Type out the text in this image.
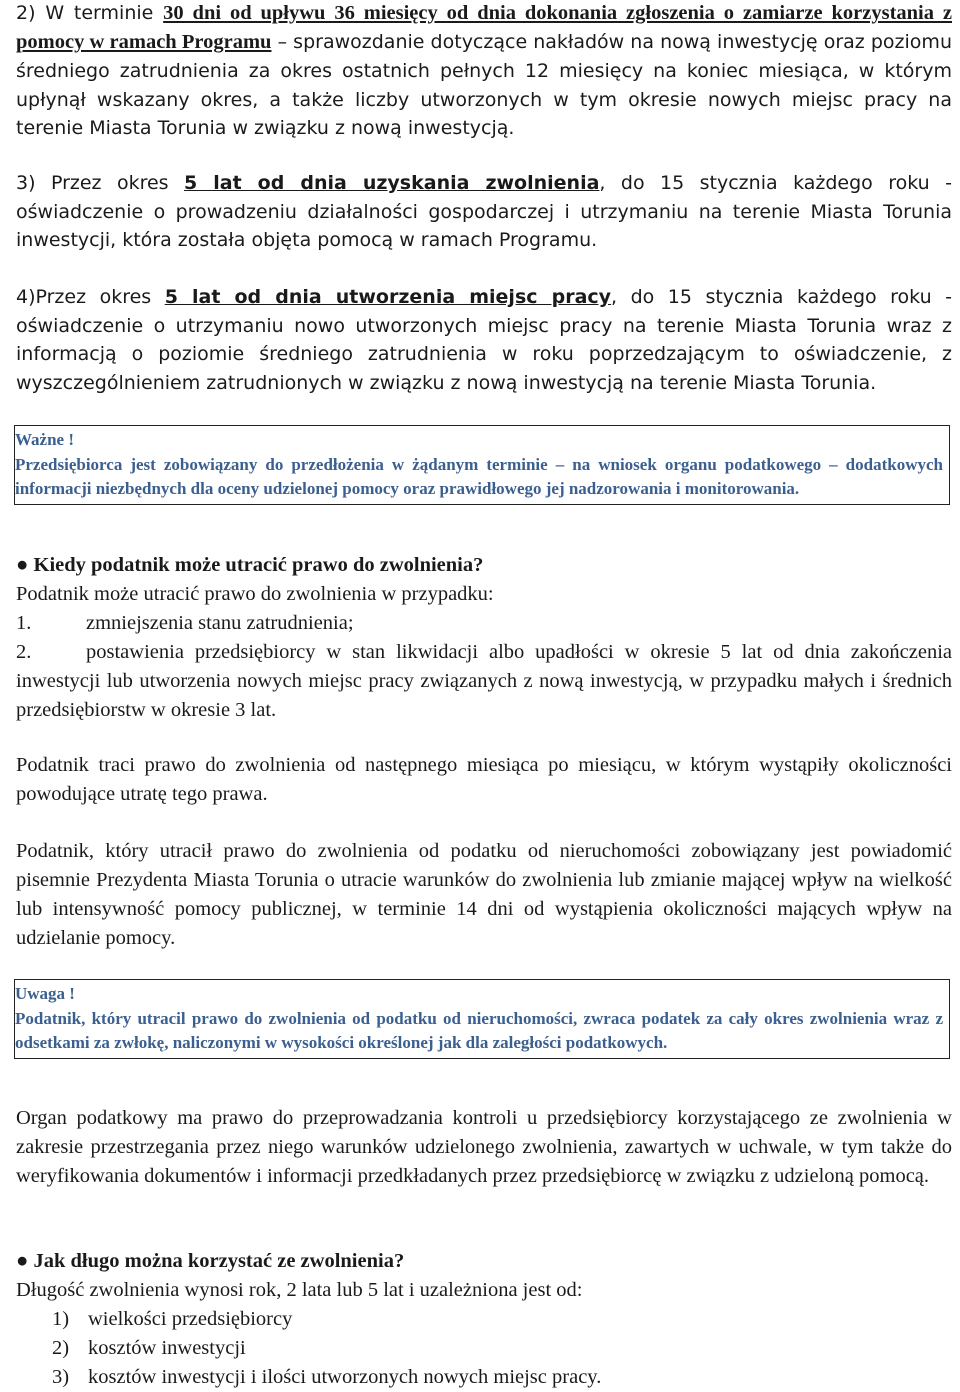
2) W terminie 30 dni od upływu 36 miesięcy od dnia dokonania zgłoszenia o zamiarze korzystania z pomocy w ramach Programu – sprawozdanie dotyczące nakładów na nową inwestycję oraz poziomu średniego zatrudnienia za okres ostatnich pełnych 12 miesięcy na koniec miesiąca, w którym upłynął wskazany okres, a także liczby utworzonych w tym okresie nowych miejsc pracy na terenie Miasta Torunia w związku z nową inwestycją.

3) Przez okres 5 lat od dnia uzyskania zwolnienia, do 15 stycznia każdego roku - oświadczenie o prowadzeniu działalności gospodarczej i utrzymaniu na terenie Miasta Torunia inwestycji, która została objęta pomocą w ramach Programu.

4)Przez okres 5 lat od dnia utworzenia miejsc pracy, do 15 stycznia każdego roku - oświadczenie o utrzymaniu nowo utworzonych miejsc pracy na terenie Miasta Torunia wraz z informacją o poziomie średniego zatrudnienia w roku poprzedzającym to oświadczenie, z wyszczególnieniem zatrudnionych w związku z nową inwestycją na terenie Miasta Torunia.

Ważne !
Przedsiębiorca jest zobowiązany do przedłożenia w żądanym terminie – na wniosek organu podatkowego – dodatkowych informacji niezbędnych dla oceny udzielonej pomocy oraz prawidłowego jej nadzorowania i monitorowania.
● Kiedy podatnik może utracić prawo do zwolnienia?
Podatnik może utracić prawo do zwolnienia w przypadku:
1.	zmniejszenia stanu zatrudnienia;
2.	postawienia przedsiębiorcy w stan likwidacji albo upadłości w okresie 5 lat od dnia zakończenia inwestycji lub utworzenia nowych miejsc pracy związanych z nową inwestycją, w przypadku małych i średnich przedsiębiorstw w okresie 3 lat.

Podatnik traci prawo do zwolnienia od następnego miesiąca po miesiącu, w którym wystąpiły okoliczności powodujące utratę tego prawa.

Podatnik, który utracił prawo do zwolnienia od podatku od nieruchomości zobowiązany jest powiadomić pisemnie Prezydenta Miasta Torunia o utracie warunków do zwolnienia lub zmianie mającej wpływ na wielkość lub intensywność pomocy publicznej, w terminie 14 dni od wystąpienia okoliczności mających wpływ na udzielanie pomocy.

Uwaga !
Podatnik, który utracil prawo do zwolnienia od podatku od nieruchomości, zwraca podatek za cały okres zwolnienia wraz z odsetkami za zwłokę, naliczonymi w wysokości określonej jak dla zaległości podatkowych.

Organ podatkowy ma prawo do przeprowadzania kontroli u przedsiębiorcy korzystającego ze zwolnienia w zakresie przestrzegania przez niego warunków udzielonego zwolnienia, zawartych w uchwale, w tym także do weryfikowania dokumentów i informacji przedkładanych przez przedsiębiorcę w związku z udzieloną pomocą.

● Jak długo można korzystać ze zwolnienia?
Długość zwolnienia wynosi rok, 2 lata lub 5 lat i uzależniona jest od:
1) wielkości przedsiębiorcy
2) kosztów inwestycji
3) kosztów inwestycji i ilości utworzonych nowych miejsc pracy.
